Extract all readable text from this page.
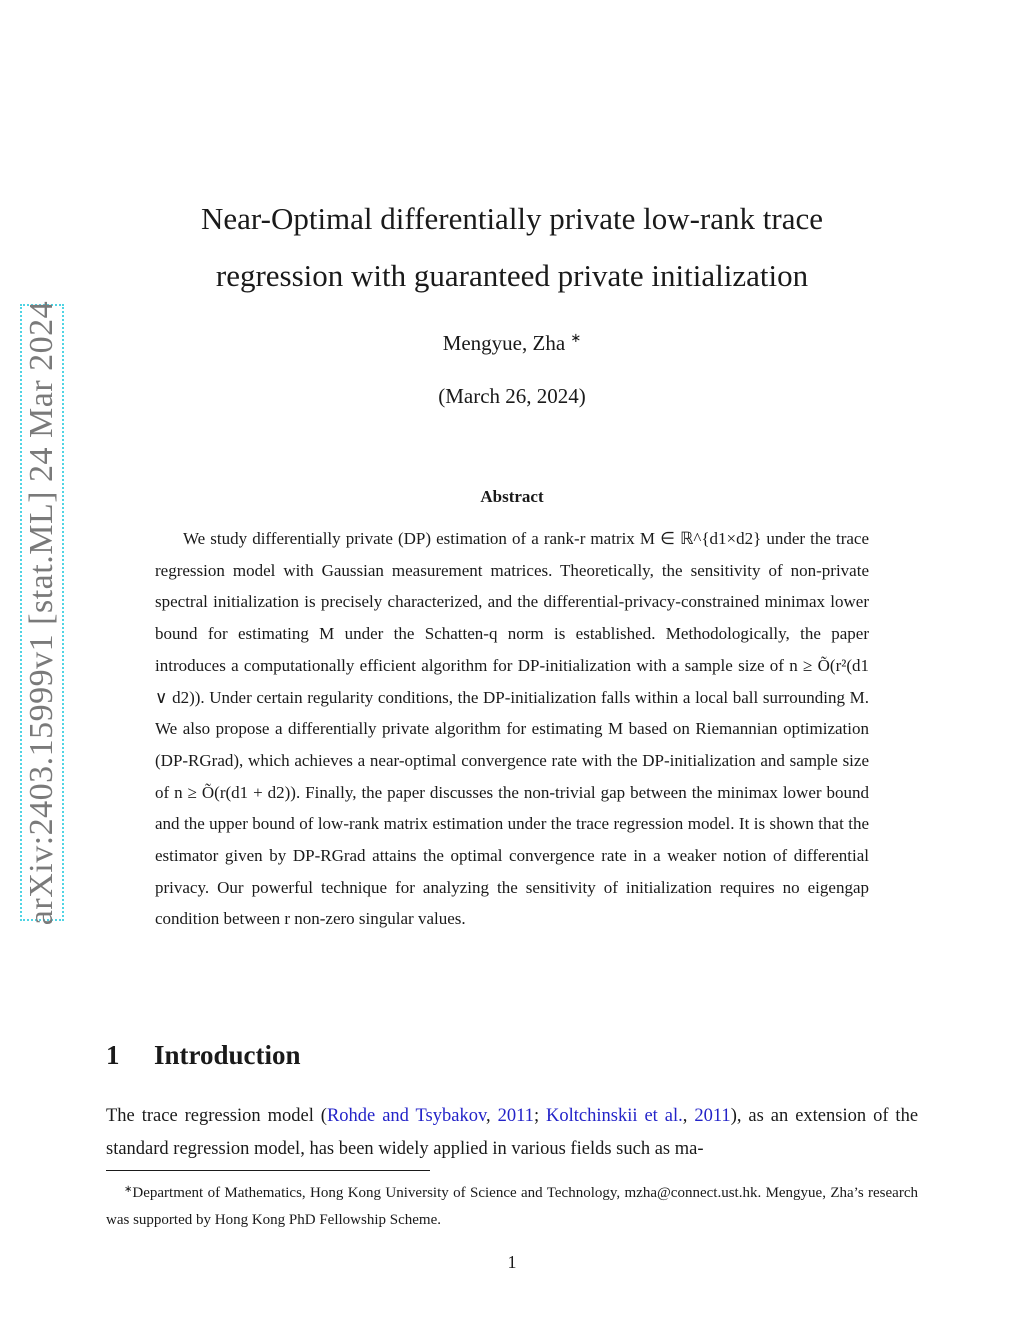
arXiv:2403.15999v1 [stat.ML] 24 Mar 2024
Near-Optimal differentially private low-rank trace
regression with guaranteed private initialization
Mengyue, Zha ∗
(March 26, 2024)
Abstract

We study differentially private (DP) estimation of a rank-r matrix M ∈ ℝ^{d1×d2} under the trace regression model with Gaussian measurement matrices. Theoretically, the sensitivity of non-private spectral initialization is precisely characterized, and the differential-privacy-constrained minimax lower bound for estimating M under the Schatten-q norm is established. Methodologically, the paper introduces a computationally efficient algorithm for DP-initialization with a sample size of n ≥ Õ(r²(d1 ∨ d2)). Under certain regularity conditions, the DP-initialization falls within a local ball surrounding M. We also propose a differentially private algorithm for estimating M based on Riemannian optimization (DP-RGrad), which achieves a near-optimal convergence rate with the DP-initialization and sample size of n ≥ Õ(r(d1 + d2)). Finally, the paper discusses the non-trivial gap between the minimax lower bound and the upper bound of low-rank matrix estimation under the trace regression model. It is shown that the estimator given by DP-RGrad attains the optimal convergence rate in a weaker notion of differential privacy. Our powerful technique for analyzing the sensitivity of initialization requires no eigengap condition between r non-zero singular values.

1 Introduction

The trace regression model (Rohde and Tsybakov, 2011; Koltchinskii et al., 2011), as an extension of the standard regression model, has been widely applied in various fields such as ma-

∗Department of Mathematics, Hong Kong University of Science and Technology, mzha@connect.ust.hk. Mengyue, Zha’s research was supported by Hong Kong PhD Fellowship Scheme.

1
